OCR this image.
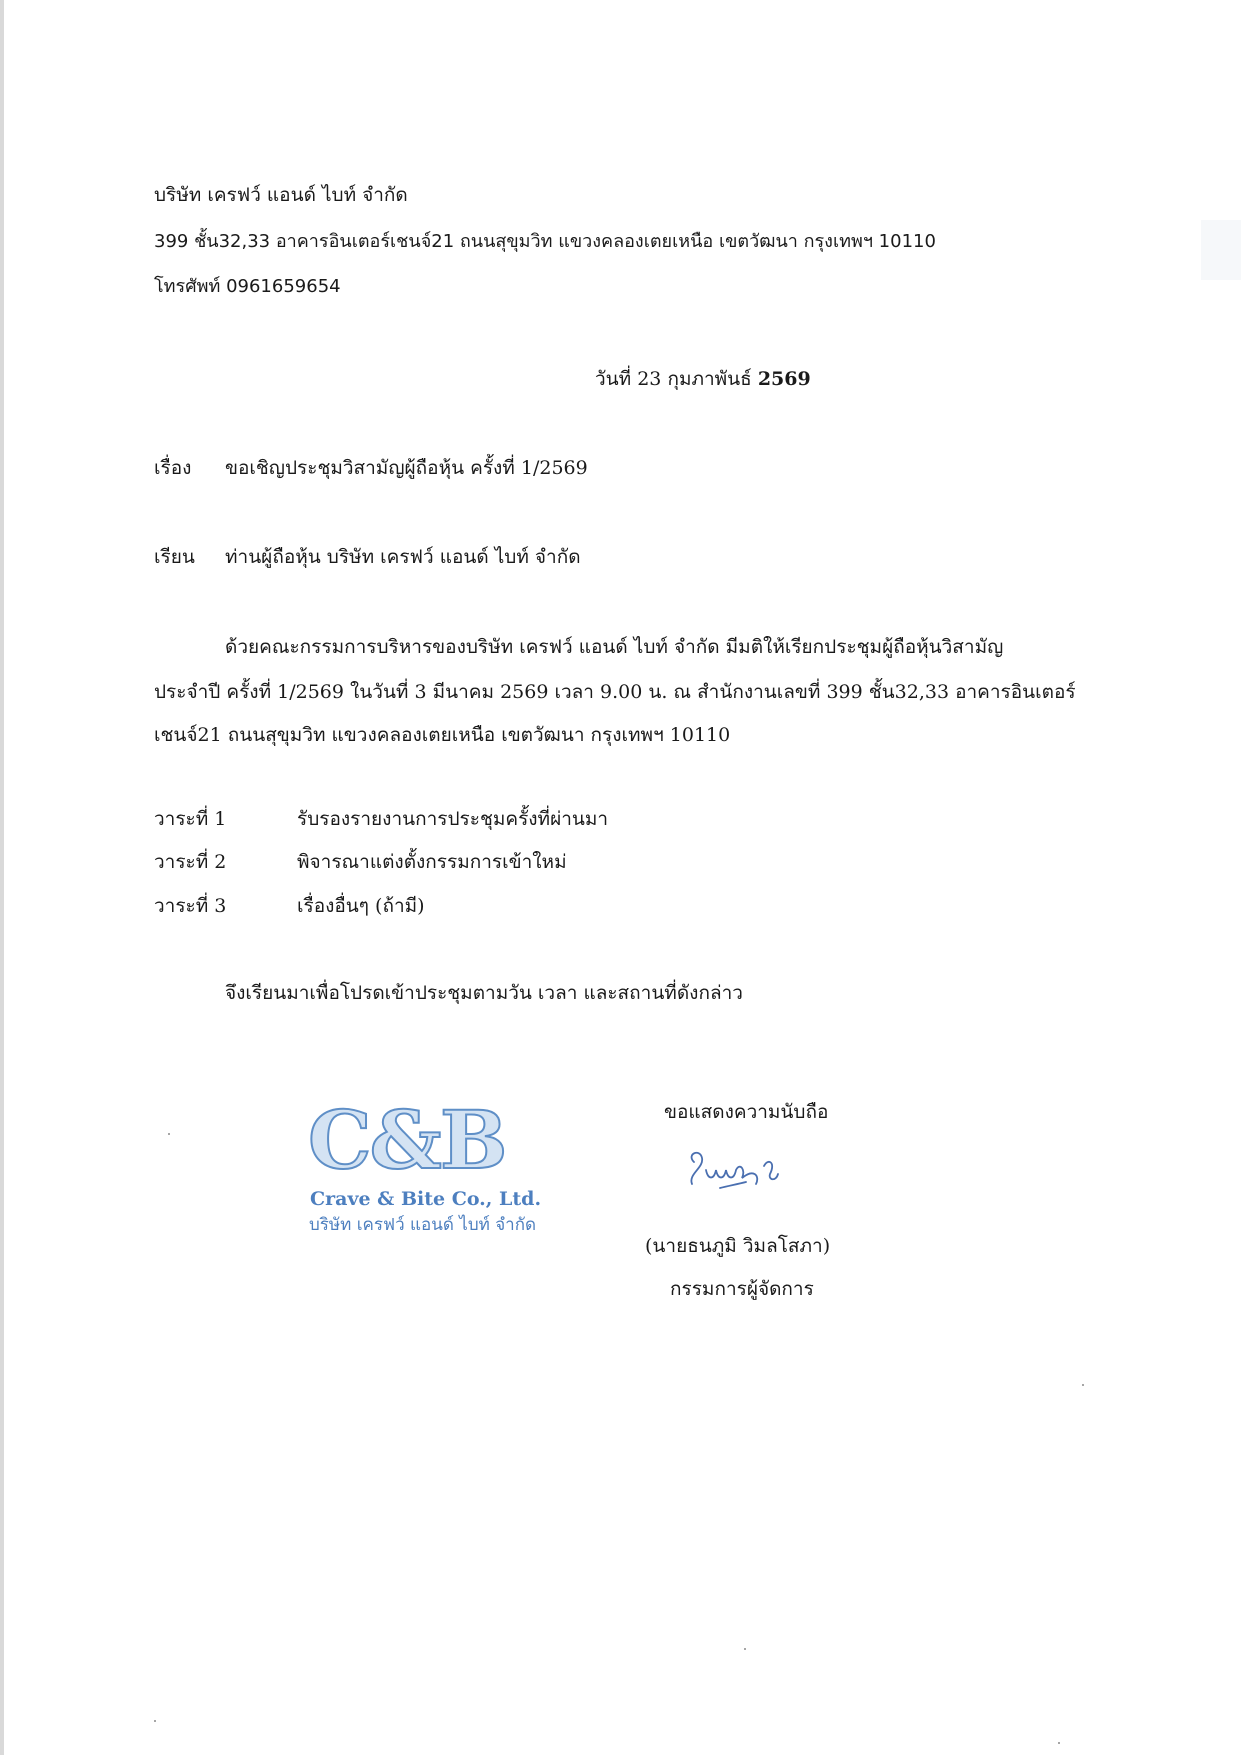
บริษัท เครฟว์ แอนด์ ไบท์ จำกัด
399 ชั้น32,33 อาคารอินเตอร์เชนจ์21 ถนนสุขุมวิท แขวงคลองเตยเหนือ เขตวัฒนา กรุงเทพฯ 10110
โทรศัพท์ 0961659654
วันที่ 23 กุมภาพันธ์ 2569
เรื่อง ขอเชิญประชุมวิสามัญผู้ถือหุ้น ครั้งที่ 1/2569
เรียน ท่านผู้ถือหุ้น บริษัท เครฟว์ แอนด์ ไบท์ จำกัด
ด้วยคณะกรรมการบริหารของบริษัท เครฟว์ แอนด์ ไบท์ จำกัด มีมติให้เรียกประชุมผู้ถือหุ้นวิสามัญ
ประจำปี ครั้งที่ 1/2569 ในวันที่ 3 มีนาคม 2569 เวลา 9.00 น. ณ สำนักงานเลขที่ 399 ชั้น32,33 อาคารอินเตอร์
เชนจ์21 ถนนสุขุมวิท แขวงคลองเตยเหนือ เขตวัฒนา กรุงเทพฯ 10110
วาระที่ 1	รับรองรายงานการประชุมครั้งที่ผ่านมา
วาระที่ 2	พิจารณาแต่งตั้งกรรมการเข้าใหม่
วาระที่ 3	เรื่องอื่นๆ (ถ้ามี)
จึงเรียนมาเพื่อโปรดเข้าประชุมตามวัน เวลา และสถานที่ดังกล่าว
C&B
Crave & Bite Co., Ltd.
บริษัท เครฟว์ แอนด์ ไบท์ จำกัด
ขอแสดงความนับถือ
(นายธนภูมิ วิมลโสภา)
กรรมการผู้จัดการ
